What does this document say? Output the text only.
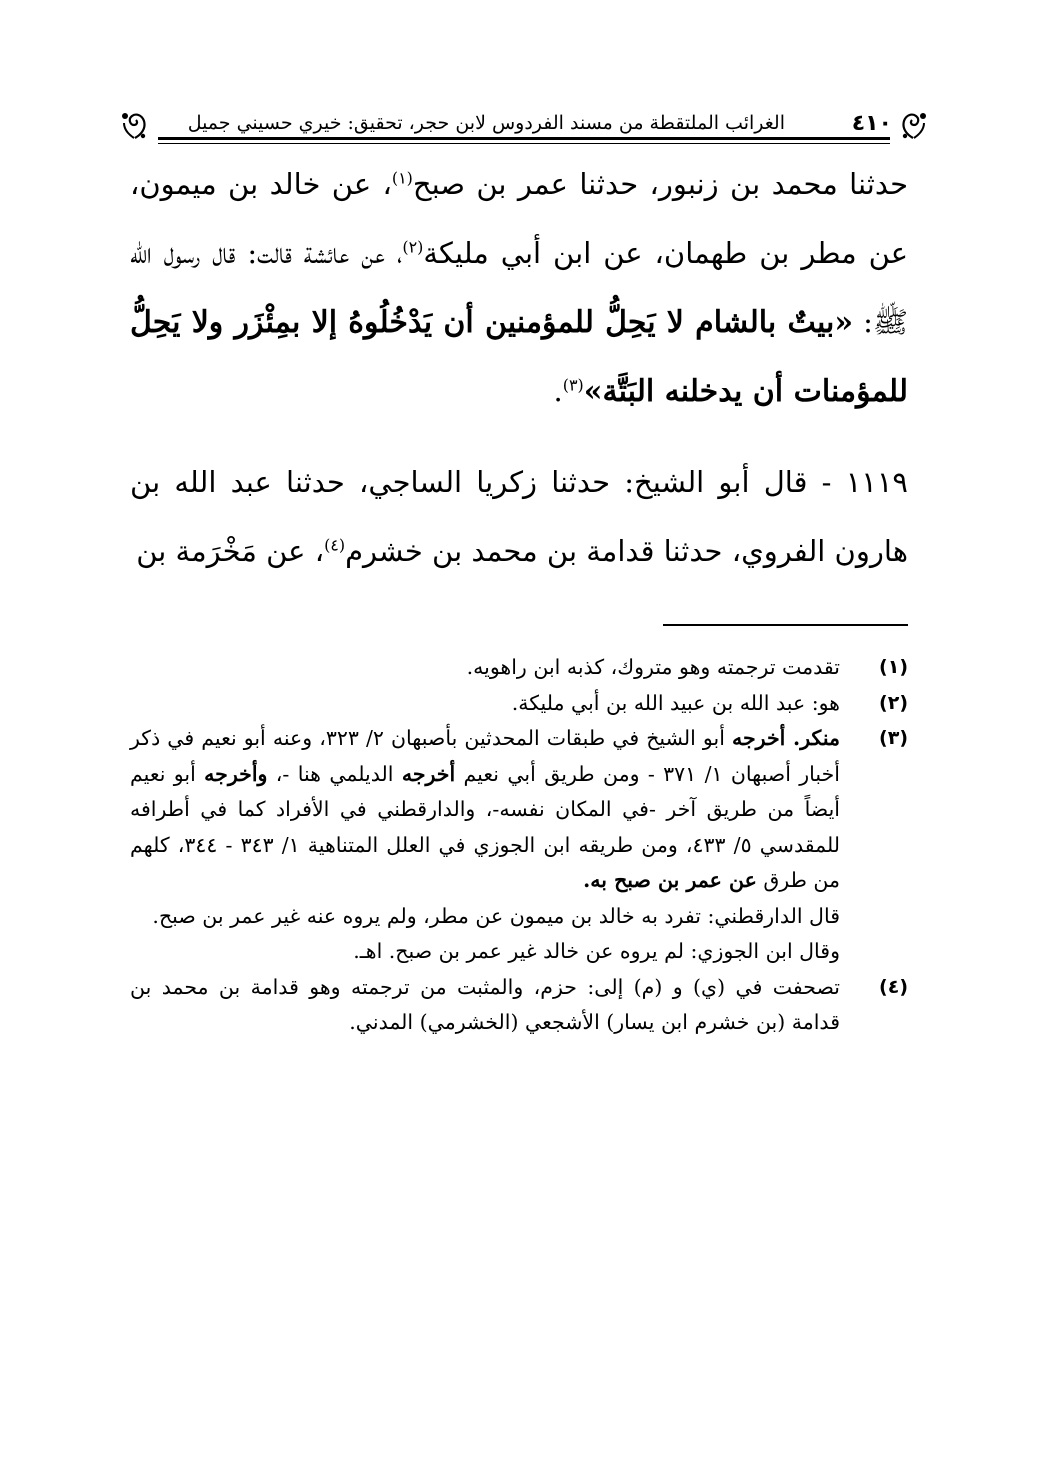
٤١٠
الغرائب الملتقطة من مسند الفردوس لابن حجر، تحقيق: خيري حسيني جميل

حدثنا محمد بن زنبور، حدثنا عمر بن صبح$^{(١)}$، عن خالد بن ميمون، عن مطر بن طهمان، عن ابن أبي مليكة$^{(٢)}$، عن عائشة قالت: قال رسول الله ﷺ: «بيتٌ بالشام لا يَحِلُّ للمؤمنين أن يَدْخُلُوهُ إلا بمِئْزَر ولا يَحِلُّ للمؤمنات أن يدخلنه البَتَّة»$^{(٣)}$.

١١١٩ - قال أبو الشيخ: حدثنا زكريا الساجي، حدثنا عبد الله بن هارون الفروي، حدثنا قدامة بن محمد بن خشرم$^{(٤)}$، عن مَخْرَمة بن

(١)

تقدمت ترجمته وهو متروك، كذبه ابن راهويه.

(٢)

هو: عبد الله بن عبيد الله بن أبي مليكة.

(٣)

منكر. أخرجه أبو الشيخ في طبقات المحدثين بأصبهان ٢/ ٣٢٣، وعنه أبو نعيم في ذكر أخبار أصبهان ١/ ٣٧١ - ومن طريق أبي نعيم أخرجه الديلمي هنا -، وأخرجه أبو نعيم أيضاً من طريق آخر -في المكان نفسه-، والدارقطني في الأفراد كما في أطرافه للمقدسي ٥/ ٤٣٣، ومن طريقه ابن الجوزي في العلل المتناهية ١/ ٣٤٣ - ٣٤٤، كلهم من طرق عن عمر بن صبح به.

قال الدارقطني: تفرد به خالد بن ميمون عن مطر، ولم يروه عنه غير عمر بن صبح.

وقال ابن الجوزي: لم يروه عن خالد غير عمر بن صبح. اهـ.

(٤)

تصحفت في (ي) و (م) إلى: حزم، والمثبت من ترجمته وهو قدامة بن محمد بن قدامة (بن خشرم ابن يسار) الأشجعي (الخشرمي) المدني.
